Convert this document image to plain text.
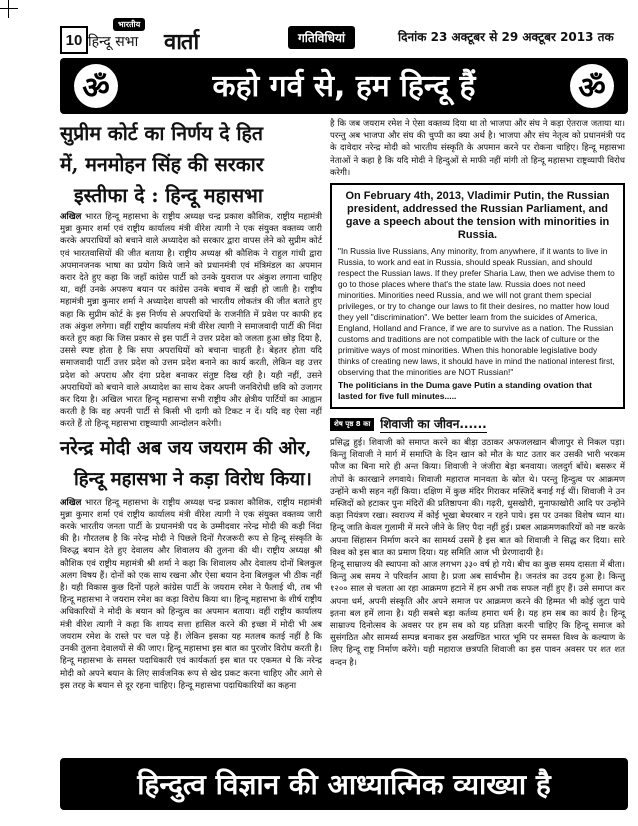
10
भारतीय
हिन्दू सभा वार्ता	गतिविधियां	दिनांक 23 अक्टूबर से 29 अक्टूबर 2013 तक
ॐ	कहो गर्व से, हम हिन्दू हैं	ॐ
सुप्रीम कोर्ट का निर्णय दे हित
में, मनमोहन सिंह की सरकार

इस्तीफा दे : हिन्दू महासभा

अखिल भारत हिन्दू महासभा के राष्ट्रीय अध्यक्ष चन्द्र प्रकाश कौशिक, राष्ट्रीय महामंत्री मुन्ना कुमार शर्मा एवं राष्ट्रीय कार्यालय मंत्री वीरेश त्यागी ने एक संयुक्त वक्तव्य जारी करके अपराधियों को बचाने वाले अध्यादेश को सरकार द्वारा वापस लेने को सुप्रीम कोर्ट एवं भारतवासियों की जीत बताया है। राष्ट्रीय अध्यक्ष श्री कौशिक ने राहुल गांधी द्वारा अपमानजनक भाषा का प्रयोग किये जाने को प्रधानमंत्री एवं मंत्रिमंडल का अपमान करार देते हुए कहा कि जहाँ कांग्रेस पार्टी को उनके युवराज पर अंकुश लगाना चाहिए था, वहीं उनके अपरूप बयान पर कांग्रेस उनके बचाव में खड़ी हो जाती है। राष्ट्रीय महामंत्री मुन्ना कुमार शर्मा ने अध्यादेश वापसी को भारतीय लोकतंत्र की जीत बताते हुए कहा कि सुप्रीम कोर्ट के इस निर्णय से अपराधियों के राजनीति में प्रवेश पर काफी हद तक अंकुश लगेगा। वहीं राष्ट्रीय कार्यालय मंत्री वीरेश त्यागी ने समाजवादी पार्टी की निंदा करते हुए कहा कि जिस प्रकार से इस पार्टी ने उत्तर प्रदेश को जलता हुआ छोड़ दिया है, उससे स्पष्ट होता है कि सपा अपराधियों को बचाना चाहती है। बेहतर होता यदि समाजवादी पार्टी उत्तर प्रदेश को उत्तम प्रदेश बनाने का कार्य करती, लेकिन वह उत्तर प्रदेश को अपराध और दंगा प्रदेश बनाकर संतुष्ट दिख रही है। यही नहीं, उसने अपराधियों को बचाने वाले अध्यादेश का साथ देकर अपनी जनविरोधी छवि को उजागर कर दिया है। अखिल भारत हिन्दू महासभा सभी राष्ट्रीय और क्षेत्रीय पार्टियों का आह्वान करती है कि वह अपनी पार्टी से किसी भी दागी को टिकट न दें। यदि वह ऐसा नहीं करते हैं तो हिन्दू महासभा राष्ट्रव्यापी आन्दोलन करेगी।

नरेन्द्र मोदी अब जय जयराम की ओर,

हिन्दू महासभा ने कड़ा विरोध किया।

अखिल भारत हिन्दू महासभा के राष्ट्रीय अध्यक्ष चन्द्र प्रकाश कौशिक, राष्ट्रीय महामंत्री मुन्ना कुमार शर्मा एवं राष्ट्रीय कार्यालय मंत्री वीरेश त्यागी ने एक संयुक्त वक्तव्य जारी करके भारतीय जनता पार्टी के प्रधानमंत्री पद के उम्मीदवार नरेन्द्र मोदी की कड़ी निंदा की है। गौरतलब है कि नरेन्द्र मोदी ने पिछले दिनों गैरजरूरी रूप से हिन्दू संस्कृति के विरुद्ध बयान देते हुए देवालय और शिवालय की तुलना की थी। राष्ट्रीय अध्यक्ष श्री कौशिक एवं राष्ट्रीय महामंत्री श्री शर्मा ने कहा कि शिवालय और देवालय दोनों बिलकुल अलग विषय हैं। दोनों को एक साथ रखना और ऐसा बयान देना बिलकुल भी ठीक नहीं है। यही विकास कुछ दिनों पहले कांग्रेस पार्टी के जयराम रमेश ने फैलाई थी, तब भी हिन्दू महासभा ने जयराम रमेश का कड़ा विरोध किया था। हिन्दू महासभा के शीर्ष राष्ट्रीय अधिकारियों ने मोदी के बयान को हिन्दुत्व का अपमान बताया। वहीं राष्ट्रीय कार्यालय मंत्री वीरेश त्यागी ने कहा कि शायद सत्ता हासिल करने की इच्छा में मोदी भी अब जयराम रमेश के रास्ते पर चल पड़े हैं। लेकिन इसका यह मतलब कतई नहीं है कि उनकी तुलना देवालयों से की जाए। हिन्दू महासभा इस बात का पुरजोर विरोध करती है। हिन्दू महासभा के समस्त पदाधिकारी एवं कार्यकर्ता इस बात पर एकमत थे कि नरेन्द्र मोदी को अपने बयान के लिए सार्वजनिक रूप से खेद प्रकट करना चाहिए और आगे से इस तरह के बयान से दूर रहना चाहिए। हिन्दू महासभा पदाधिकारियों का कहना

है कि जब जयराम रमेश ने ऐसा वक्तव्य दिया था तो भाजपा और संघ ने कड़ा ऐतराज जताया था। परन्तु अब भाजपा और संघ की चुप्पी का क्या अर्थ है। भाजपा और संघ नेतृत्व को प्रधानमंत्री पद के दावेदार नरेन्द्र मोदी को भारतीय संस्कृति के अपमान करने पर रोकना चाहिए। हिन्दू महासभा नेताओं ने कहा है कि यदि मोदी ने हिन्दुओं से माफी नहीं मांगी तो हिन्दू महासभा राष्ट्रव्यापी विरोध करेगी।

On February 4th, 2013, Vladimir Putin, the Russian president, addressed the Russian Parliament, and gave a speech about the tension with minorities in Russia.

"In Russia live Russians, Any minority, from anywhere, if it wants to live in Russia, to work and eat in Russia, should speak Russian, and should respect the Russian laws. If they prefer Sharia Law, then we advise them to go to those places where that's the state law. Russia does not need minorities. Minorities need Russia, and we will not grant them special privileges, or try to change our laws to fit their desires, no matter how loud they yell "discrimination". We better learn from the suicides of America, England, Holland and France, if we are to survive as a nation. The Russian customs and traditions are not compatible with the lack of culture or the primitive ways of most minorities. When this honorable legislative body thinks of creating new laws, it should have in mind the national interest first, observing that the minorities are NOT Russian!"

The politicians in the Duma gave Putin a standing ovation that lasted for five full minutes.....

शेष पृष्ठ 8 का शिवाजी का जीवन......

प्रसिद्ध हुई। शिवाजी को समाप्त करने का बीड़ा उठाकर अफजलखान बीजापुर से निकल पड़ा। किन्तु शिवाजी ने मार्ग में समाप्ति के दिन खान को मौत के घाट उतार कर उसकी भारी भरकम फौज का बिना मारे ही अन्त किया। शिवाजी ने जंजीरा बेड़ा बनवाया। जलदुर्ग बाँधे। बसरूर में तोपों के कारखाने लगवाये। शिवाजी महाराज मानवता के स्रोत थे। परन्तु हिन्दुत्व पर आक्रमण उन्होंने कभी सहन नहीं किया। दक्षिण में कुछ मंदिर गिराकर मस्जिदें बनाई गई थीं। शिवाजी ने उन मस्जिदों को हटाकर पुनः मंदिरों की प्रतिष्ठापना की। गढ़री, धुसखोरी, मुनाफाखोरी आदि पर उन्होंने कड़ा नियंत्रण रखा। स्वराज्य में कोई भूखा बेघरबार न रहने पाये। इस पर उनका विशेष ध्यान था। हिन्दू जाति केवल गुलामी में मरने जीने के लिए पैदा नहीं हुई। प्रबल आक्रमणकारियों को नष्ट करके अपना सिंहासन निर्माण करने का सामर्थ्य उसमें है इस बात को शिवाजी ने सिद्ध कर दिया। सारे विश्व को इस बात का प्रमाण दिया। यह समिति आज भी प्रेरणादायी है।

हिन्दू साम्राज्य की स्थापना को आज लगभग ३३० वर्ष हो गये। बीच का कुछ समय दासता में बीता। किन्तु अब समय ने परिवर्तन आया है। प्रजा अब सार्वभौम है। जनतंत्र का उदय हुआ है। किन्तु १२०० साल से चलता आ रहा आक्रमण हटाने में हम अभी तक सफल नहीं हुए हैं। उसे समाप्त कर अपना धर्म, अपनी संस्कृति और अपने समाज पर आक्रमण करने की हिम्मत भी कोई जुटा पाये इतना बल हमें लाना है। यही सबसे बड़ा कर्तव्य हमारा धर्म है। यह हम सब का कार्य है। हिन्दू साम्राज्य दिनोत्सव के अवसर पर हम सब को यह प्रतिज्ञा करनी चाहिए कि हिन्दू समाज को सुसंगठित और सामर्थ्य सम्पन्न बनाकर इस अखण्डित भारत भूमि पर समस्त विश्व के कल्याण के लिए हिन्दू राष्ट्र निर्माण करेंगे। यही महाराज छत्रपति शिवाजी का इस पावन अवसर पर शत शत वन्दन है।

हिन्दुत्व विज्ञान की आध्यात्मिक व्याख्या है
